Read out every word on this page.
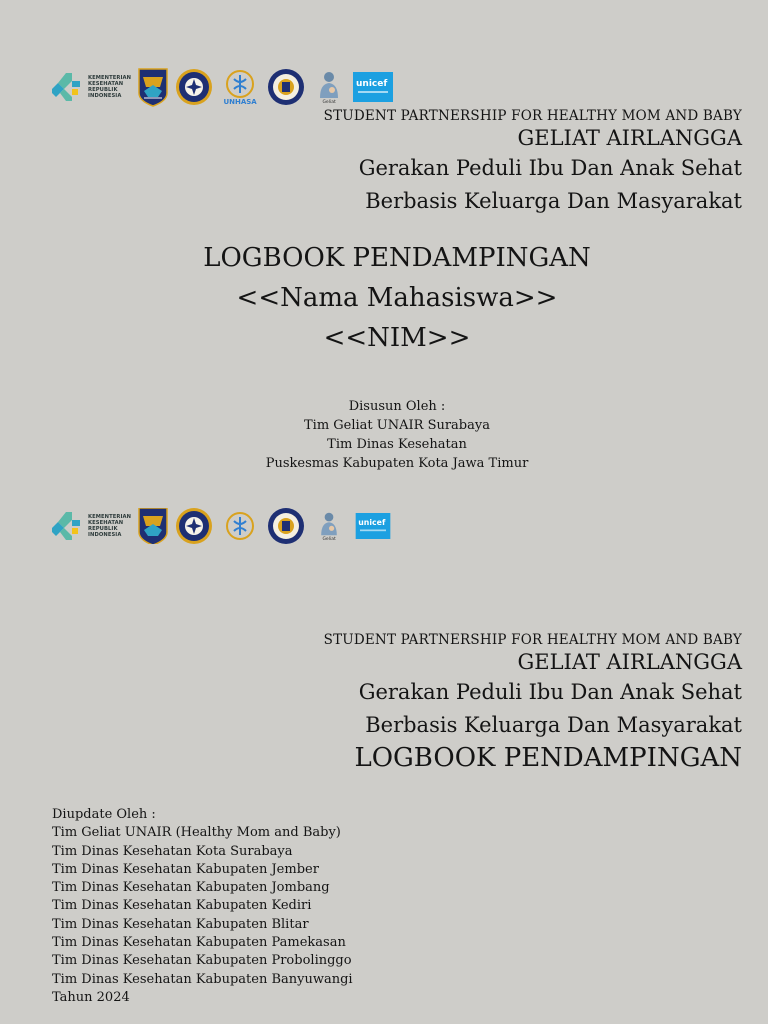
KEMENTERIAN
KESEHATAN
REPUBLIK
INDONESIA
UNHASA	Geliat
unicef
STUDENT PARTNERSHIP FOR HEALTHY MOM AND BABY
GELIAT AIRLANGGA
Gerakan Peduli Ibu Dan Anak Sehat
Berbasis Keluarga Dan Masyarakat
LOGBOOK PENDAMPINGAN
<<Nama Mahasiswa>>
<<NIM>>
Disusun Oleh :
Tim Geliat UNAIR Surabaya
Tim Dinas Kesehatan
Puskesmas Kabupaten Kota Jawa Timur
KEMENTERIAN
KESEHATAN
REPUBLIK
INDONESIA
Geliat
unicef
STUDENT PARTNERSHIP FOR HEALTHY MOM AND BABY
GELIAT AIRLANGGA
Gerakan Peduli Ibu Dan Anak Sehat
Berbasis Keluarga Dan Masyarakat
LOGBOOK PENDAMPINGAN
Diupdate Oleh :
Tim Geliat UNAIR (Healthy Mom and Baby)
Tim Dinas Kesehatan Kota Surabaya
Tim Dinas Kesehatan Kabupaten Jember
Tim Dinas Kesehatan Kabupaten Jombang
Tim Dinas Kesehatan Kabupaten Kediri
Tim Dinas Kesehatan Kabupaten Blitar
Tim Dinas Kesehatan Kabupaten Pamekasan
Tim Dinas Kesehatan Kabupaten Probolinggo
Tim Dinas Kesehatan Kabupaten Banyuwangi
Tahun 2024
